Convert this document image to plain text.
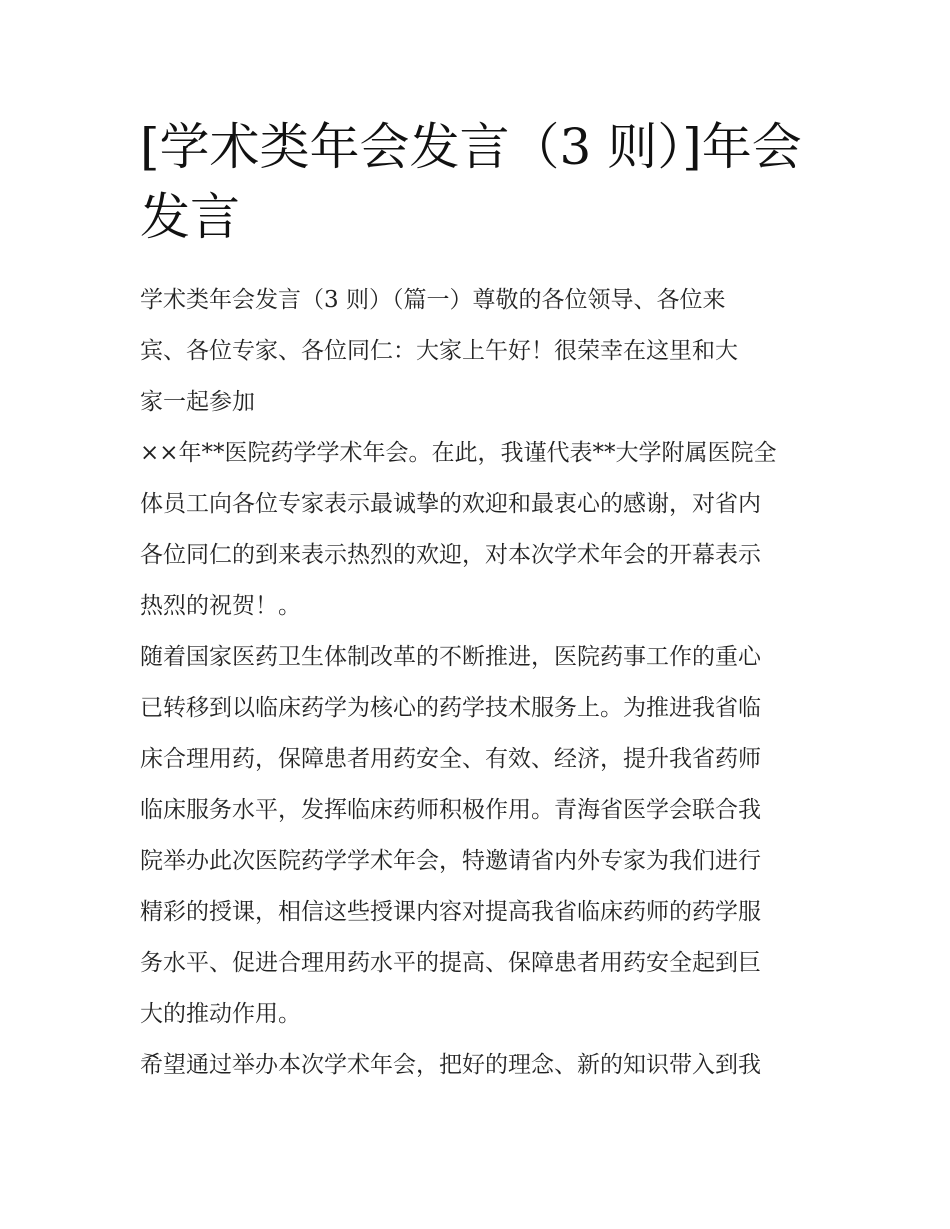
[学术类年会发言（3 则）]年会
发言
学术类年会发言（3 则）（篇一）尊敬的各位领导、各位来
宾、各位专家、各位同仁：大家上午好！很荣幸在这里和大
家一起参加
××年**医院药学学术年会。在此，我谨代表**大学附属医院全
体员工向各位专家表示最诚挚的欢迎和最衷心的感谢，对省内
各位同仁的到来表示热烈的欢迎，对本次学术年会的开幕表示
热烈的祝贺！。
随着国家医药卫生体制改革的不断推进，医院药事工作的重心
已转移到以临床药学为核心的药学技术服务上。为推进我省临
床合理用药，保障患者用药安全、有效、经济，提升我省药师
临床服务水平，发挥临床药师积极作用。青海省医学会联合我
院举办此次医院药学学术年会，特邀请省内外专家为我们进行
精彩的授课，相信这些授课内容对提高我省临床药师的药学服
务水平、促进合理用药水平的提高、保障患者用药安全起到巨
大的推动作用。
希望通过举办本次学术年会，把好的理念、新的知识带入到我
